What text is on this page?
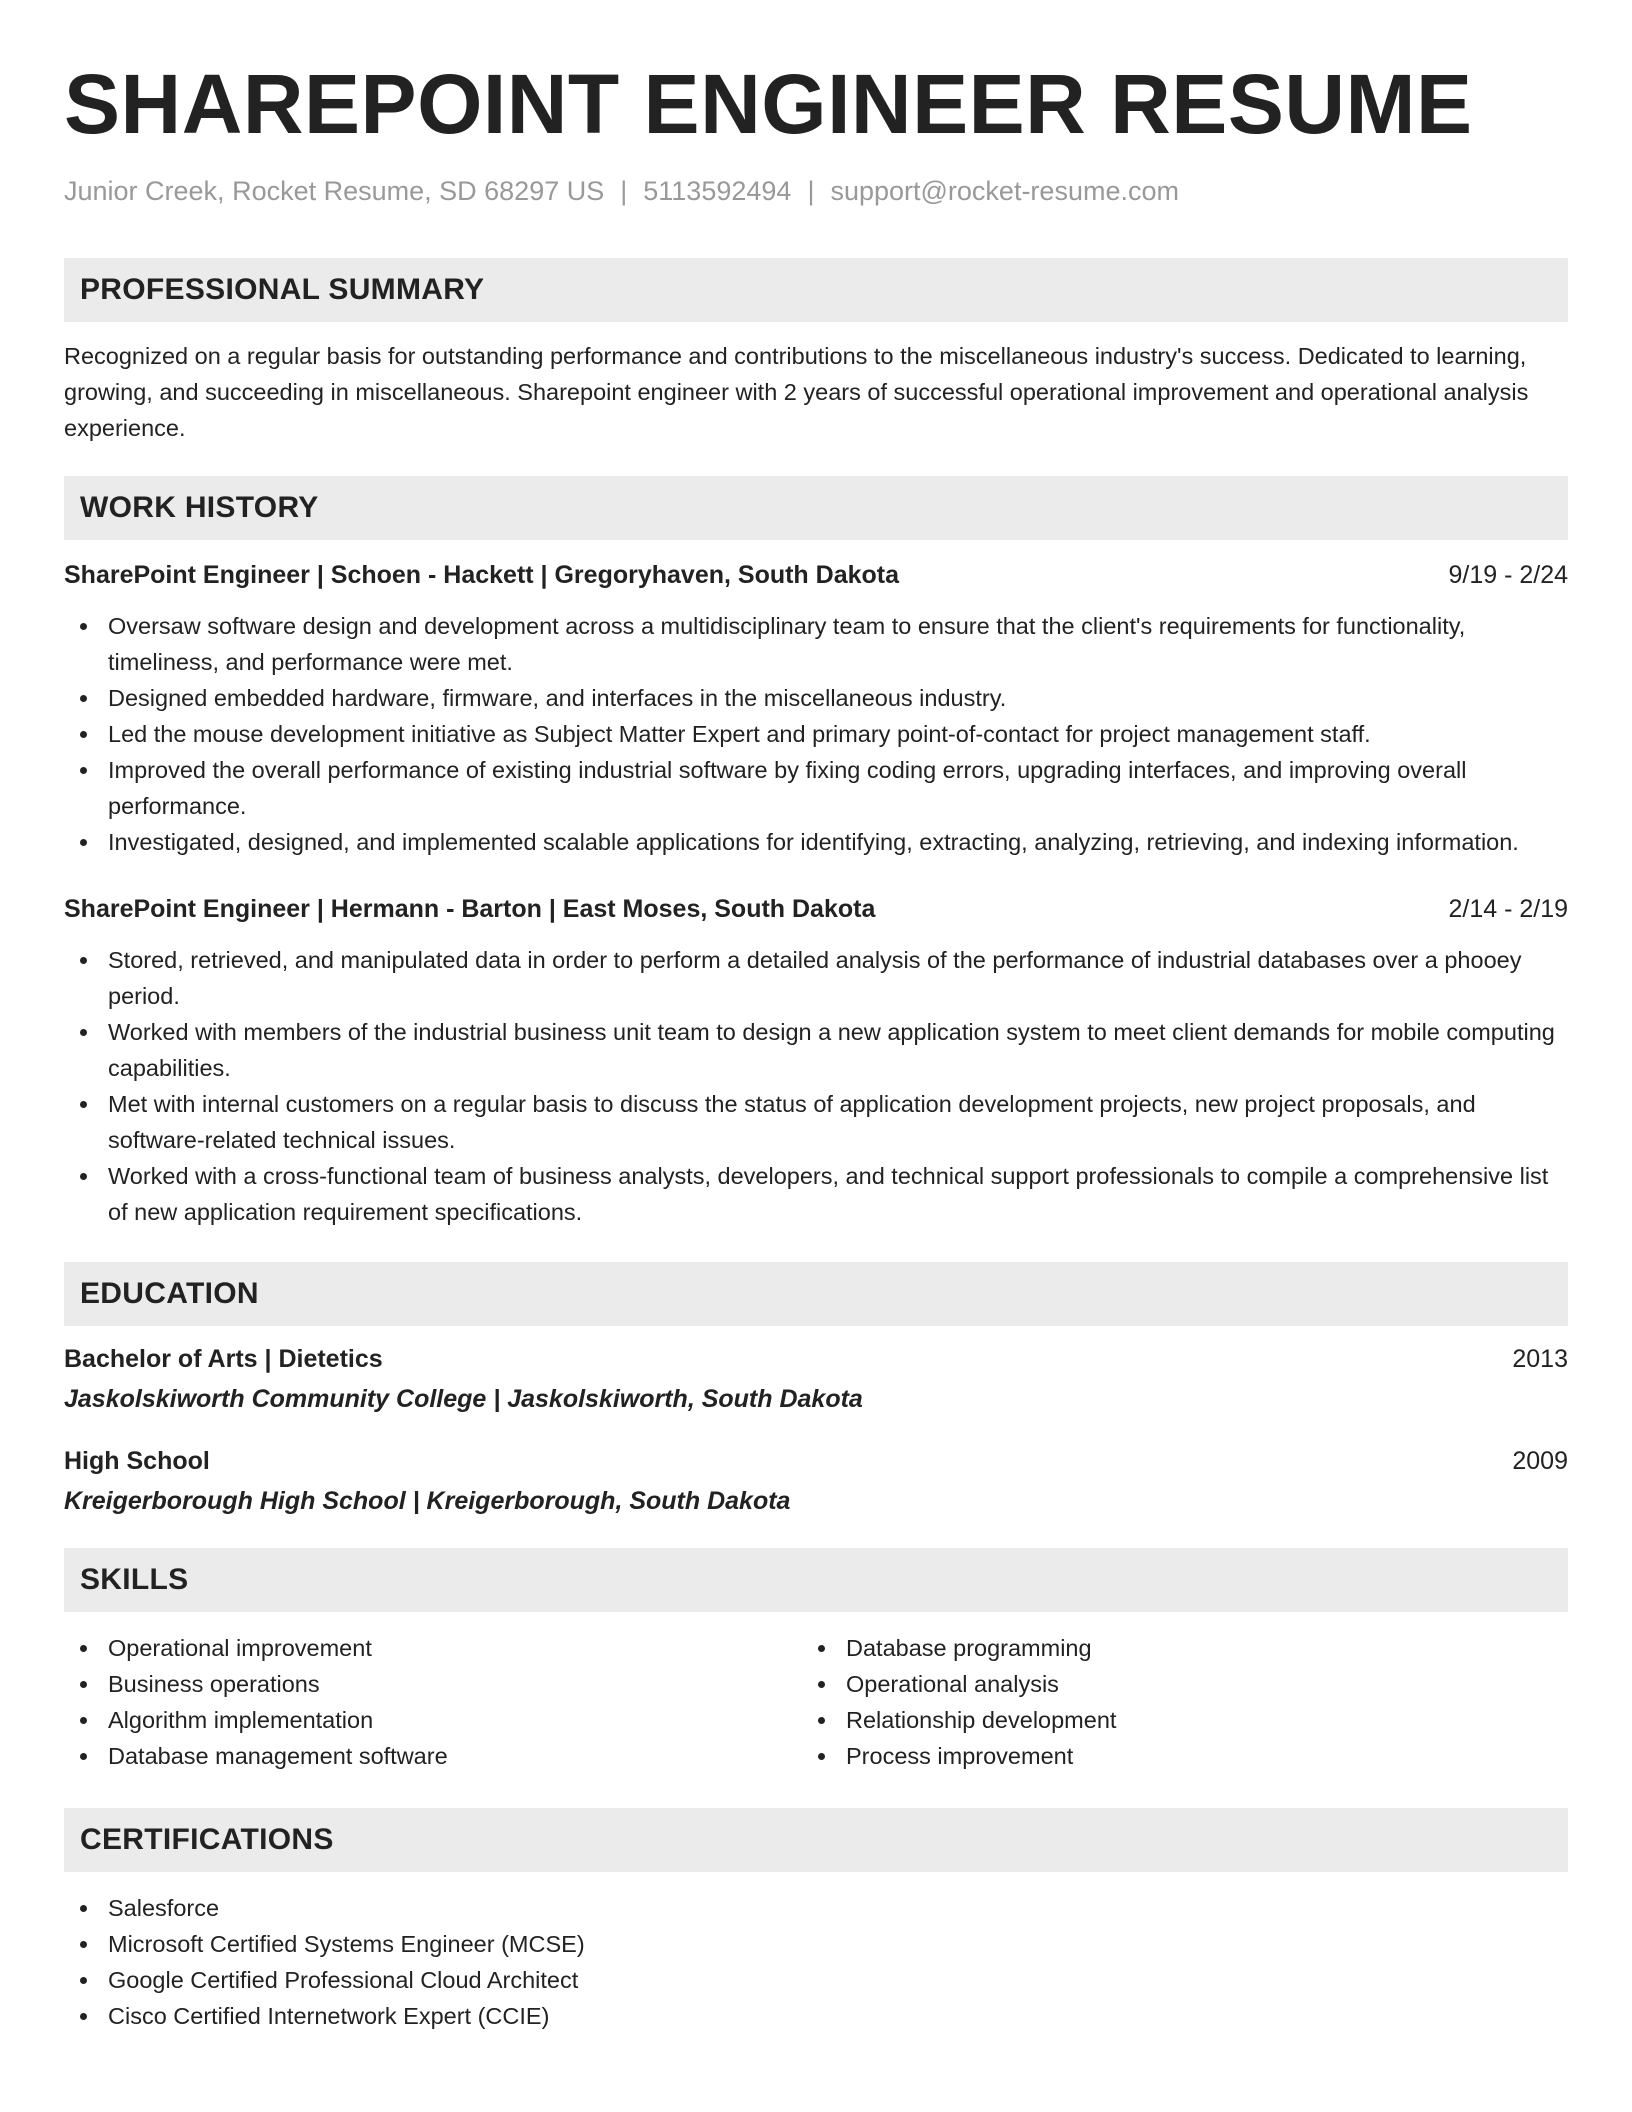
SHAREPOINT ENGINEER RESUME
Junior Creek, Rocket Resume, SD 68297 US | 5113592494 | support@rocket-resume.com
PROFESSIONAL SUMMARY

Recognized on a regular basis for outstanding performance and contributions to the miscellaneous industry's success. Dedicated to learning, growing, and succeeding in miscellaneous. Sharepoint engineer with 2 years of successful operational improvement and operational analysis experience.

WORK HISTORY
SharePoint Engineer | Schoen - Hackett | Gregoryhaven, South Dakota	9/19 - 2/24
Oversaw software design and development across a multidisciplinary team to ensure that the client's requirements for functionality, timeliness, and performance were met.
Designed embedded hardware, firmware, and interfaces in the miscellaneous industry.
Led the mouse development initiative as Subject Matter Expert and primary point-of-contact for project management staff.
Improved the overall performance of existing industrial software by fixing coding errors, upgrading interfaces, and improving overall performance.
Investigated, designed, and implemented scalable applications for identifying, extracting, analyzing, retrieving, and indexing information.
SharePoint Engineer | Hermann - Barton | East Moses, South Dakota	2/14 - 2/19
Stored, retrieved, and manipulated data in order to perform a detailed analysis of the performance of industrial databases over a phooey period.
Worked with members of the industrial business unit team to design a new application system to meet client demands for mobile computing capabilities.
Met with internal customers on a regular basis to discuss the status of application development projects, new project proposals, and software-related technical issues.
Worked with a cross-functional team of business analysts, developers, and technical support professionals to compile a comprehensive list of new application requirement specifications.
EDUCATION
Bachelor of Arts | Dietetics	2013
Jaskolskiworth Community College | Jaskolskiworth, South Dakota
High School	2009
Kreigerborough High School | Kreigerborough, South Dakota
SKILLS
Operational improvement
Business operations
Algorithm implementation
Database management software
Database programming
Operational analysis
Relationship development
Process improvement
CERTIFICATIONS
Salesforce
Microsoft Certified Systems Engineer (MCSE)
Google Certified Professional Cloud Architect
Cisco Certified Internetwork Expert (CCIE)
